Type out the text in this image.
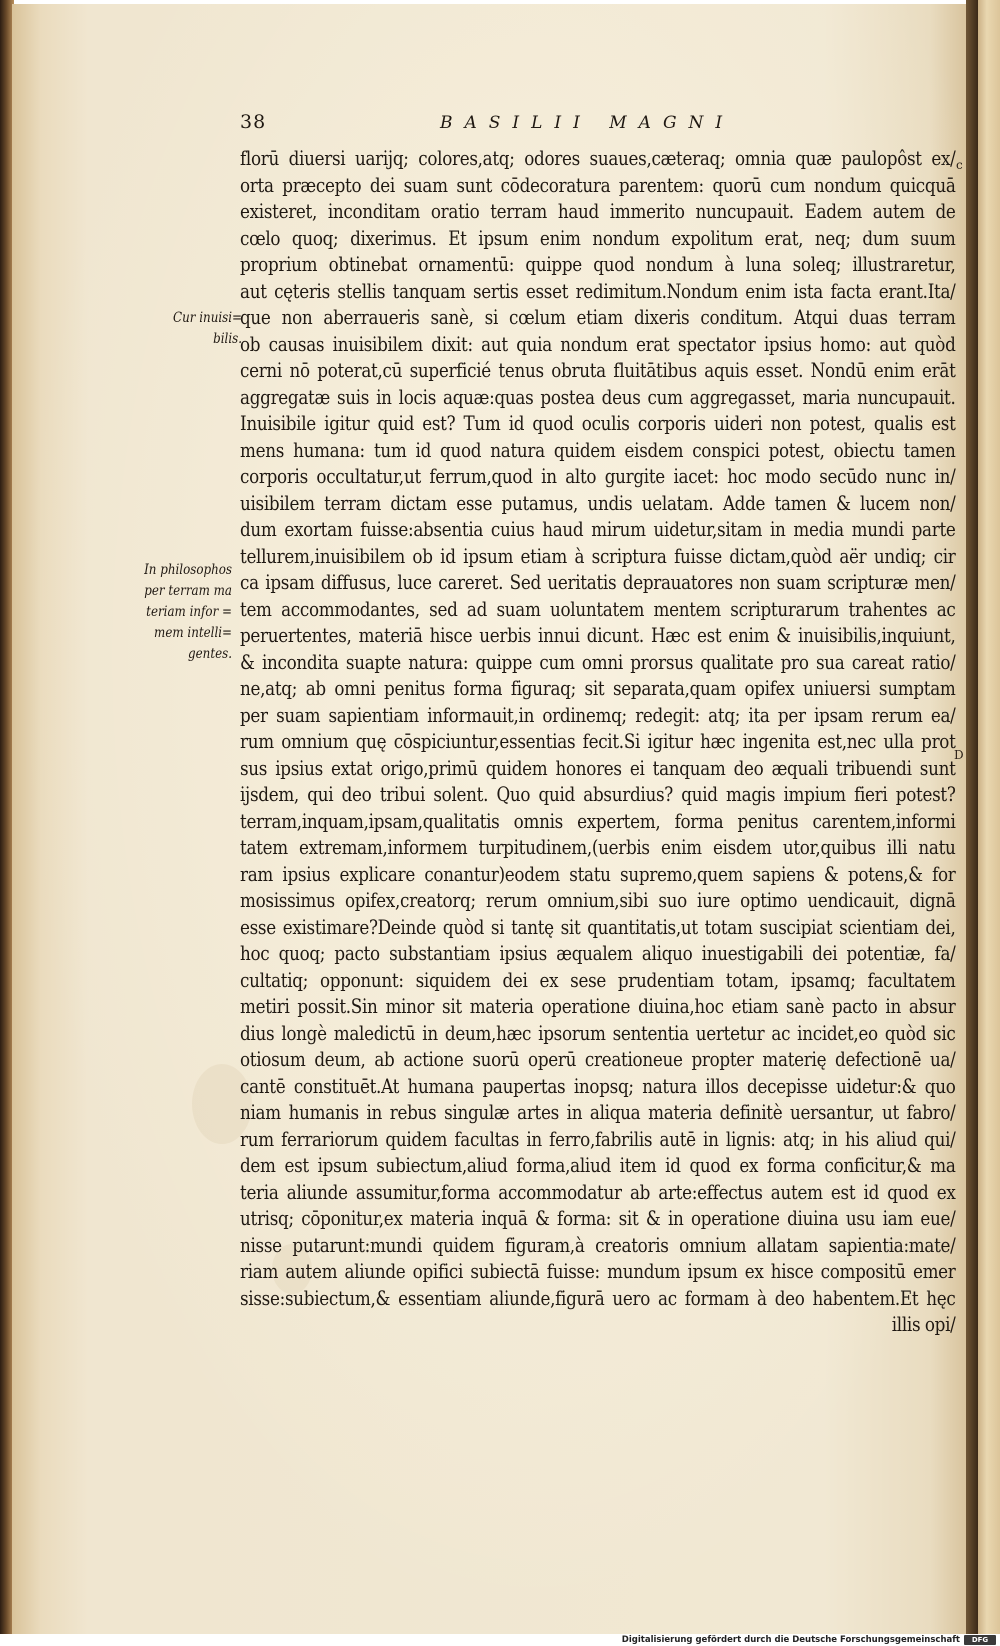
38	BASILII MAGNI
Cur inuisi=
bilis.
In philosophos
per terram ma
teriam infor =
mem intelli=
gentes.
c
D
florū diuersi uarijq; colores,atq; odores suaues,cæteraq; omnia quæ paulopôst ex/
orta præcepto dei suam sunt cōdecoratura parentem: quorū cum nondum quicquā
existeret, inconditam oratio terram haud immerito nuncupauit. Eadem autem de
cœlo quoq; dixerimus. Et ipsum enim nondum expolitum erat, neq; dum suum
proprium obtinebat ornamentū: quippe quod nondum à luna soleq; illustraretur,
aut cęteris stellis tanquam sertis esset redimitum.Nondum enim ista facta erant.Ita/
que non aberraueris sanè, si cœlum etiam dixeris conditum. Atqui duas terram
ob causas inuisibilem dixit: aut quia nondum erat spectator ipsius homo: aut quòd
cerni nō poterat,cū superficié tenus obruta fluitātibus aquis esset. Nondū enim erāt
aggregatæ suis in locis aquæ:quas postea deus cum aggregasset, maria nuncupauit.
Inuisibile igitur quid est? Tum id quod oculis corporis uideri non potest, qualis est
mens humana: tum id quod natura quidem eisdem conspici potest, obiectu tamen
corporis occultatur,ut ferrum,quod in alto gurgite iacet: hoc modo secūdo nunc in/
uisibilem terram dictam esse putamus, undis uelatam. Adde tamen & lucem non/
dum exortam fuisse:absentia cuius haud mirum uidetur,sitam in media mundi parte
tellurem,inuisibilem ob id ipsum etiam à scriptura fuisse dictam,quòd aër undiq; cir
ca ipsam diffusus, luce careret. Sed ueritatis deprauatores non suam scripturæ men/
tem accommodantes, sed ad suam uoluntatem mentem scripturarum trahentes ac
peruertentes, materiā hisce uerbis innui dicunt. Hæc est enim & inuisibilis,inquiunt,
& incondita suapte natura: quippe cum omni prorsus qualitate pro sua careat ratio/
ne,atq; ab omni penitus forma figuraq; sit separata,quam opifex uniuersi sumptam
per suam sapientiam informauit,in ordinemq; redegit: atq; ita per ipsam rerum ea/
rum omnium quę cōspiciuntur,essentias fecit.Si igitur hæc ingenita est,nec ulla prot
sus ipsius extat origo,primū quidem honores ei tanquam deo æquali tribuendi sunt
ijsdem, qui deo tribui solent. Quo quid absurdius? quid magis impium fieri potest?
terram,inquam,ipsam,qualitatis omnis expertem, forma penitus carentem,informi
tatem extremam,informem turpitudinem,(uerbis enim eisdem utor,quibus illi natu
ram ipsius explicare conantur)eodem statu supremo,quem sapiens & potens,& for
mosissimus opifex,creatorq; rerum omnium,sibi suo iure optimo uendicauit, dignā
esse existimare?Deinde quòd si tantę sit quantitatis,ut totam suscipiat scientiam dei,
hoc quoq; pacto substantiam ipsius æqualem aliquo inuestigabili dei potentiæ, fa/
cultatiq; opponunt: siquidem dei ex sese prudentiam totam, ipsamq; facultatem
metiri possit.Sin minor sit materia operatione diuina,hoc etiam sanè pacto in absur
dius longè maledictū in deum,hæc ipsorum sententia uertetur ac incidet,eo quòd sic
otiosum deum, ab actione suorū operū creationeue propter materię defectionē ua/
cantē constituēt.At humana paupertas inopsq; natura illos decepisse uidetur:& quo
niam humanis in rebus singulæ artes in aliqua materia definitè uersantur, ut fabro/
rum ferrariorum quidem facultas in ferro,fabrilis autē in lignis: atq; in his aliud qui/
dem est ipsum subiectum,aliud forma,aliud item id quod ex forma conficitur,& ma
teria aliunde assumitur,forma accommodatur ab arte:effectus autem est id quod ex
utrisq; cōponitur,ex materia inquā & forma: sit & in operatione diuina usu iam eue/
nisse putarunt:mundi quidem figuram,à creatoris omnium allatam sapientia:mate/
riam autem aliunde opifici subiectā fuisse: mundum ipsum ex hisce compositū emer
sisse:subiectum,& essentiam aliunde,figurā uero ac formam à deo habentem.Et hęc
illis opi/
Digitalisierung gefördert durch die Deutsche Forschungsgemeinschaft	DFG
